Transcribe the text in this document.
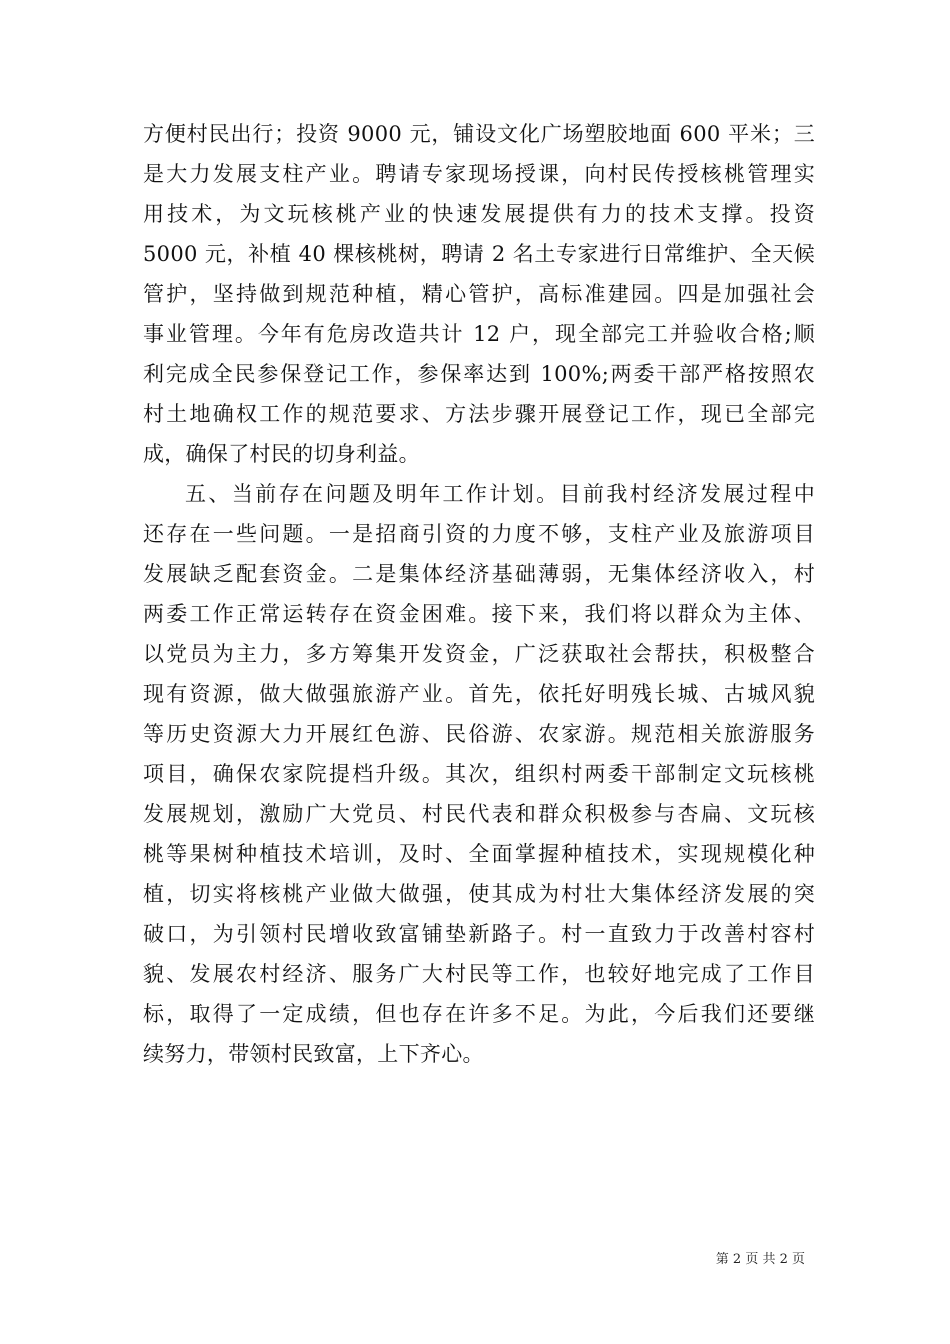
方便村民出行；投资 9000 元，铺设文化广场塑胶地面 600 平米；三
是大力发展支柱产业。聘请专家现场授课，向村民传授核桃管理实
用技术，为文玩核桃产业的快速发展提供有力的技术支撑。投资
5000 元，补植 40 棵核桃树，聘请 2 名土专家进行日常维护、全天候
管护，坚持做到规范种植，精心管护，高标准建园。四是加强社会
事业管理。今年有危房改造共计 12 户，现全部完工并验收合格;顺
利完成全民参保登记工作，参保率达到 100%;两委干部严格按照农
村土地确权工作的规范要求、方法步骤开展登记工作，现已全部完
成，确保了村民的切身利益。
五、当前存在问题及明年工作计划。目前我村经济发展过程中
还存在一些问题。一是招商引资的力度不够，支柱产业及旅游项目
发展缺乏配套资金。二是集体经济基础薄弱，无集体经济收入，村
两委工作正常运转存在资金困难。接下来，我们将以群众为主体、
以党员为主力，多方筹集开发资金，广泛获取社会帮扶，积极整合
现有资源，做大做强旅游产业。首先，依托好明残长城、古城风貌
等历史资源大力开展红色游、民俗游、农家游。规范相关旅游服务
项目，确保农家院提档升级。其次，组织村两委干部制定文玩核桃
发展规划，激励广大党员、村民代表和群众积极参与杏扁、文玩核
桃等果树种植技术培训，及时、全面掌握种植技术，实现规模化种
植，切实将核桃产业做大做强，使其成为村壮大集体经济发展的突
破口，为引领村民增收致富铺垫新路子。村一直致力于改善村容村
貌、发展农村经济、服务广大村民等工作，也较好地完成了工作目
标，取得了一定成绩，但也存在许多不足。为此，今后我们还要继
续努力，带领村民致富，上下齐心。
第 2 页 共 2 页
